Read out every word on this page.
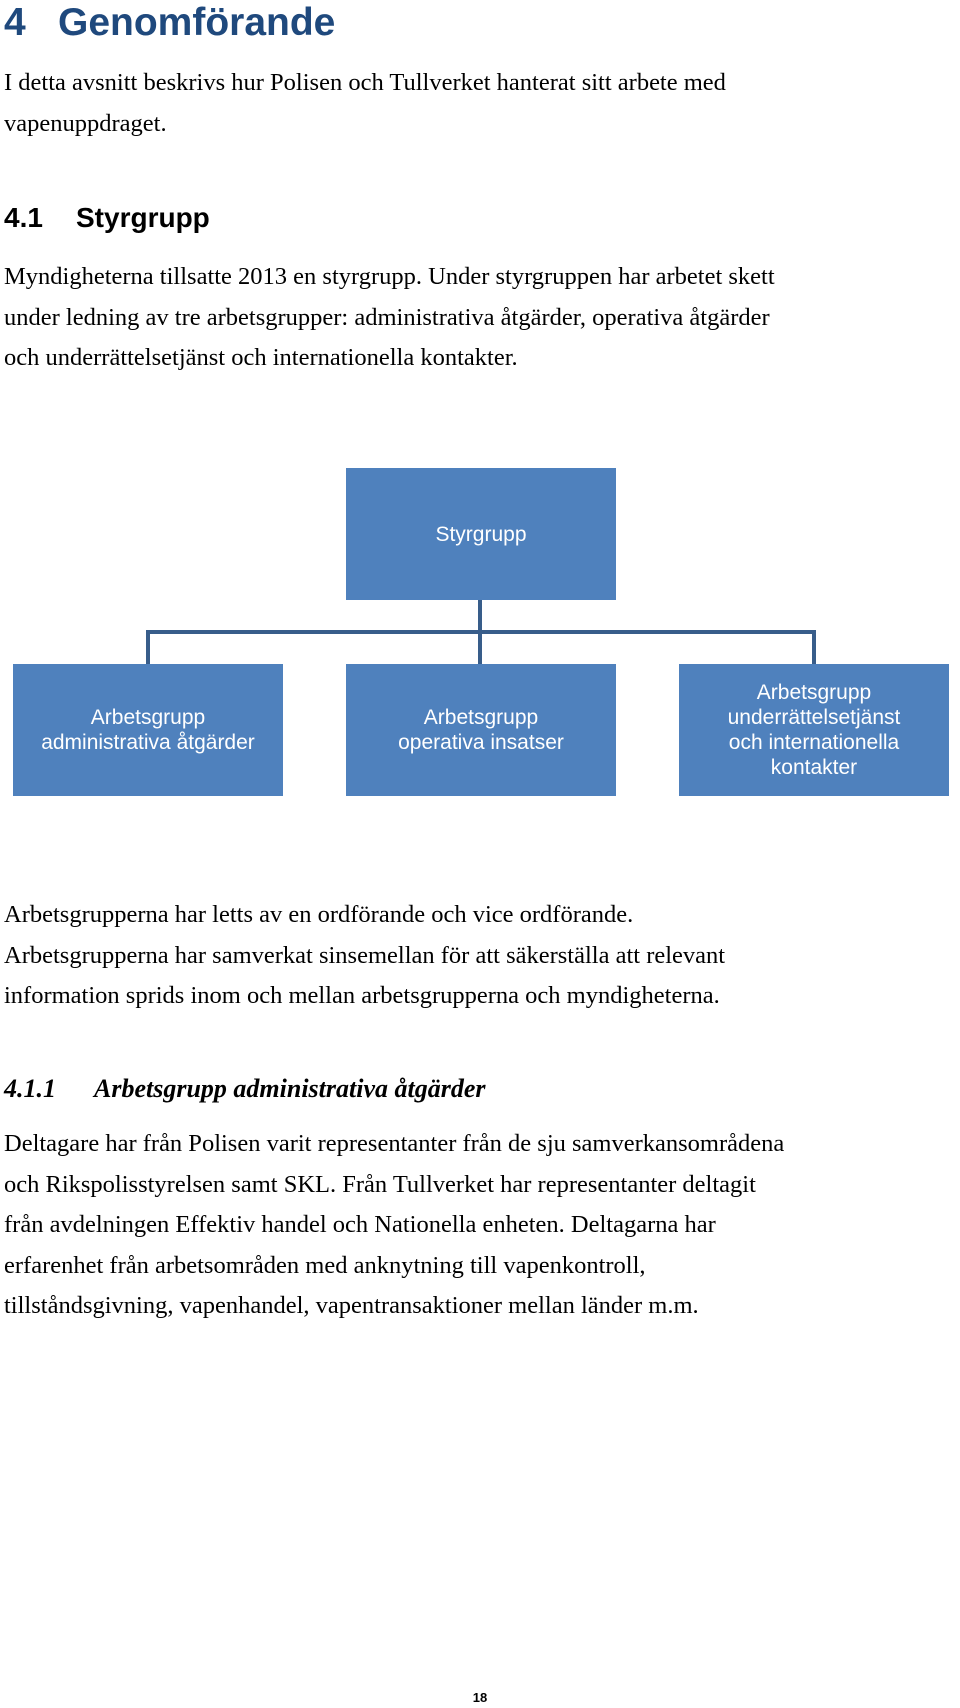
4 Genomförande

I detta avsnitt beskrivs hur Polisen och Tullverket hanterat sitt arbete med
vapenuppdraget.

4.1 Styrgrupp

Myndigheterna tillsatte 2013 en styrgrupp. Under styrgruppen har arbetet skett
under ledning av tre arbetsgrupper: administrativa åtgärder, operativa åtgärder
och underrättelsetjänst och internationella kontakter.

Styrgrupp
Arbetsgrupp
administrativa åtgärder
Arbetsgrupp
operativa insatser
Arbetsgrupp
underrättelsetjänst
och internationella
kontakter

Arbetsgrupperna har letts av en ordförande och vice ordförande.
Arbetsgrupperna har samverkat sinsemellan för att säkerställa att relevant
information sprids inom och mellan arbetsgrupperna och myndigheterna.

4.1.1 Arbetsgrupp administrativa åtgärder

Deltagare har från Polisen varit representanter från de sju samverkansområdena
och Rikspolisstyrelsen samt SKL. Från Tullverket har representanter deltagit
från avdelningen Effektiv handel och Nationella enheten. Deltagarna har
erfarenhet från arbetsområden med anknytning till vapenkontroll,
tillståndsgivning, vapenhandel, vapentransaktioner mellan länder m.m.

18
